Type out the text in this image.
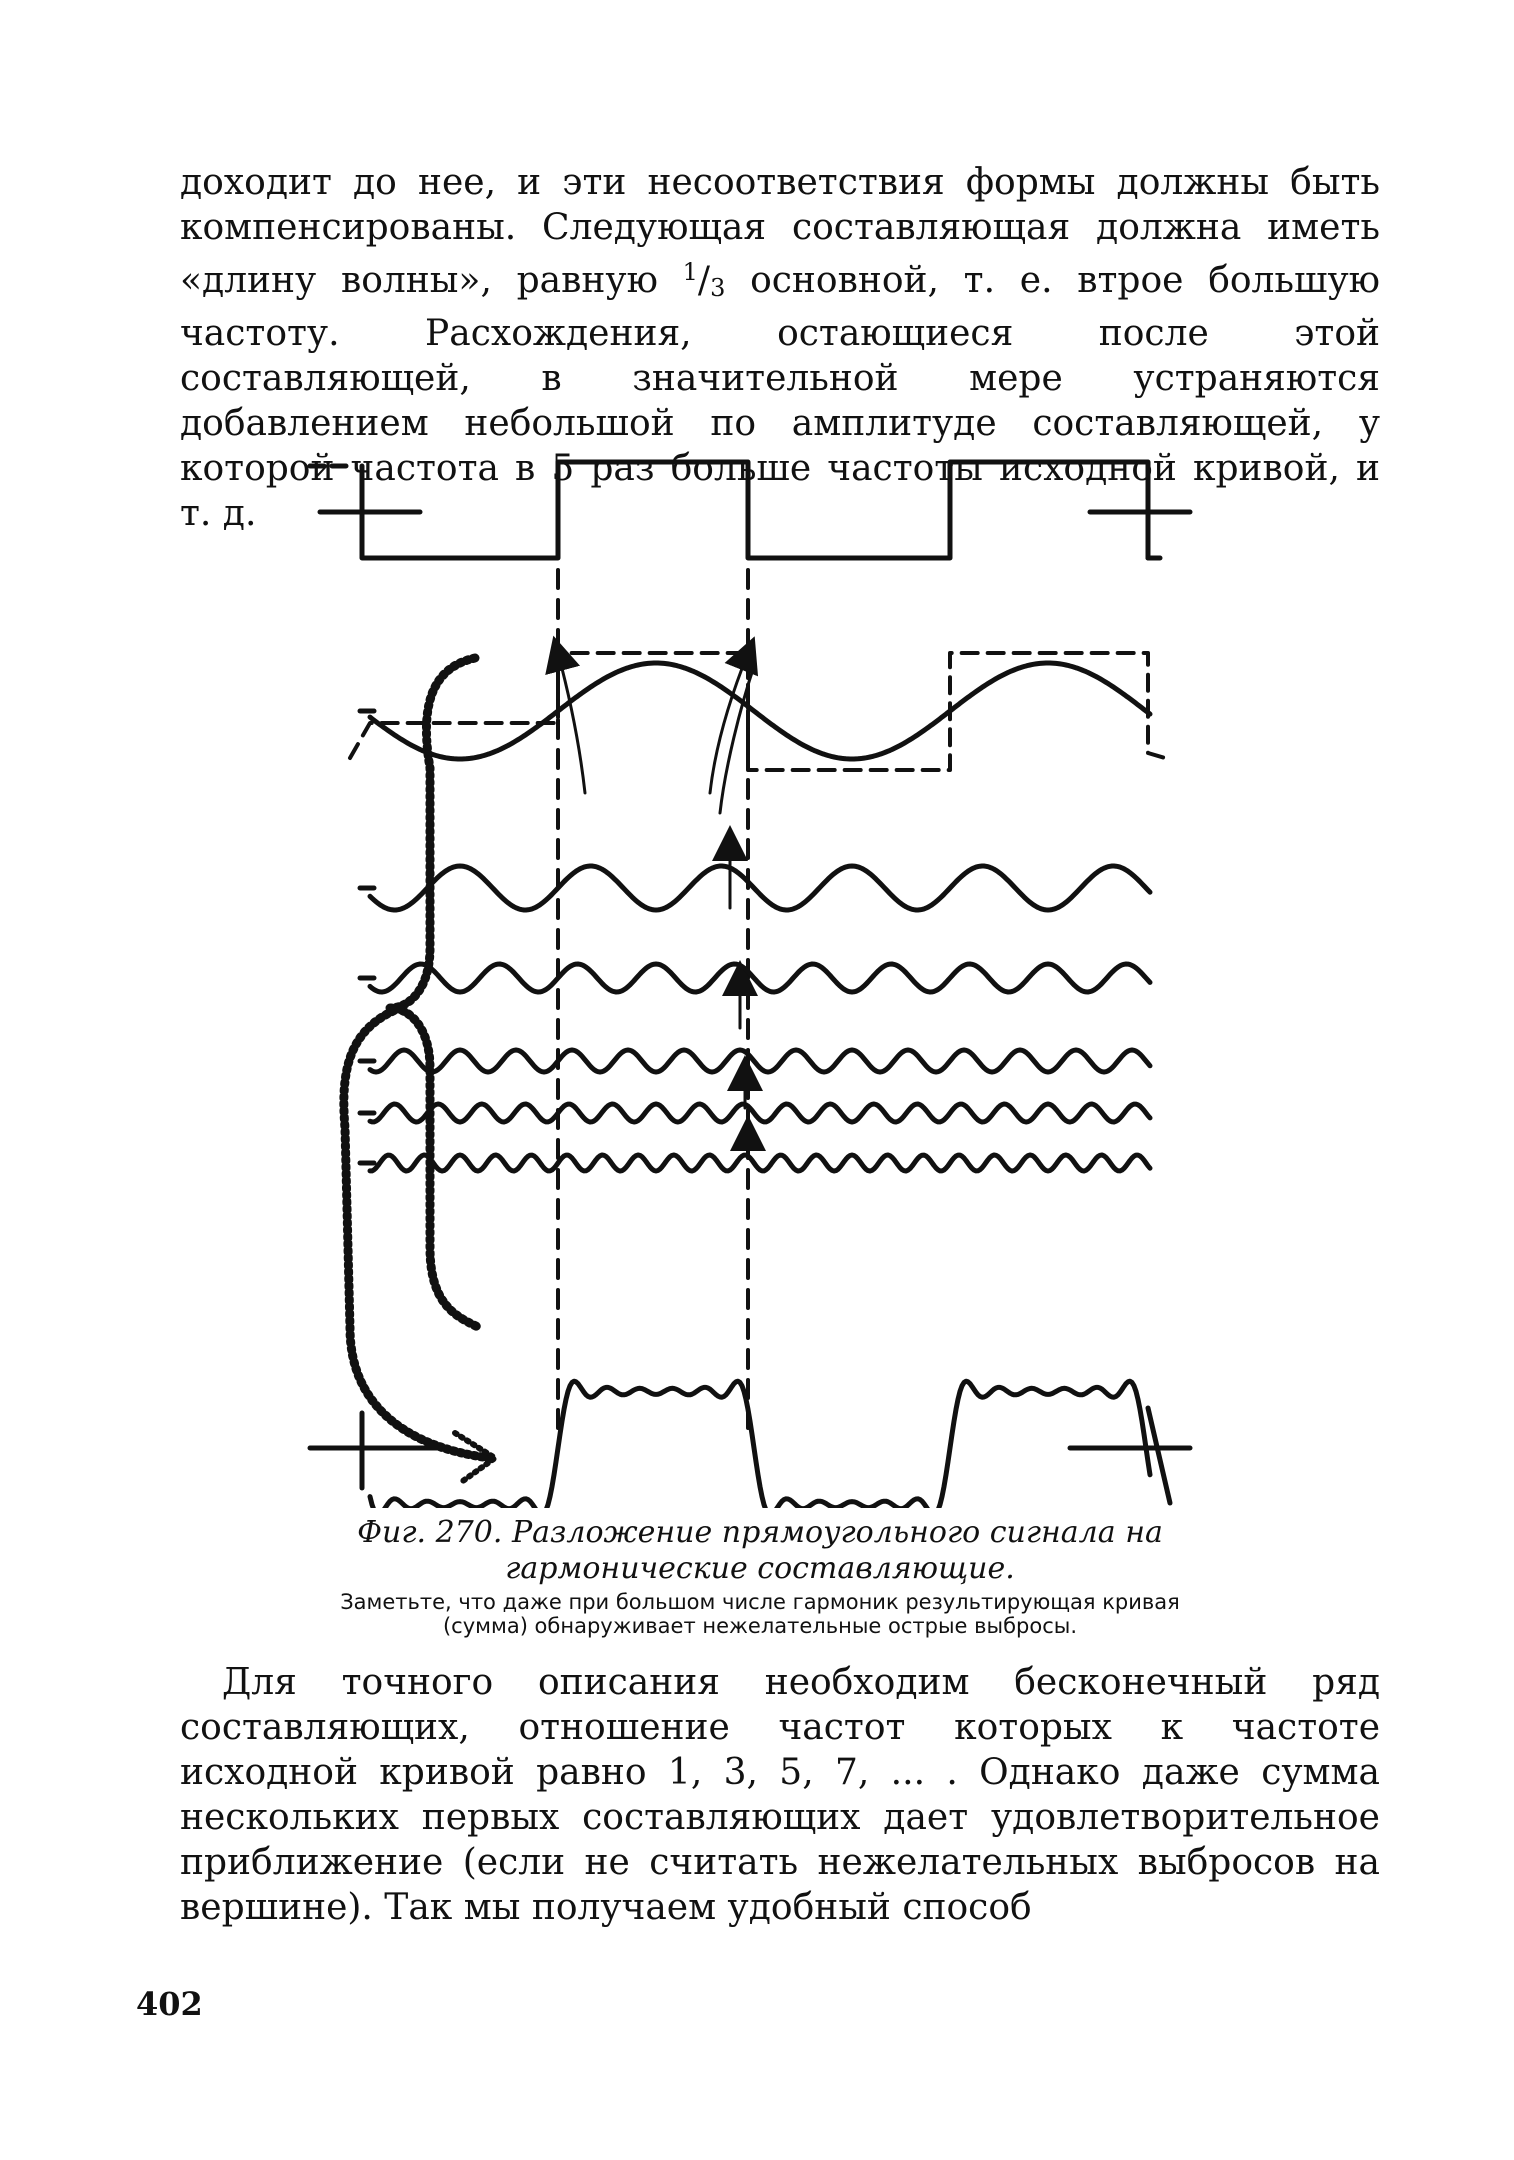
доходит до нее, и эти несоответствия формы должны быть компенсированы. Следующая составляющая должна иметь «длину волны», равную $^1$/3 основной, т. е. втрое большую частоту. Расхождения, остающиеся после этой составляющей, в значительной мере устраняются добавлением небольшой по амплитуде составляющей, у которой частота в 5 раз больше частоты исходной кривой, и т. д.

Фиг. 270. Разложение прямоугольного сигнала на гармонические составляющие.

Заметьте, что даже при большом числе гармоник результирующая кривая (сумма) обнаруживает нежелательные острые выбросы.

Для точного описания необходим бесконечный ряд составляющих, отношение частот которых к частоте исходной кривой равно 1, 3, 5, 7, ... . Однако даже сумма нескольких первых составляющих дает удовлетворительное приближение (если не считать нежелательных выбросов на вершине). Так мы получаем удобный способ

402
